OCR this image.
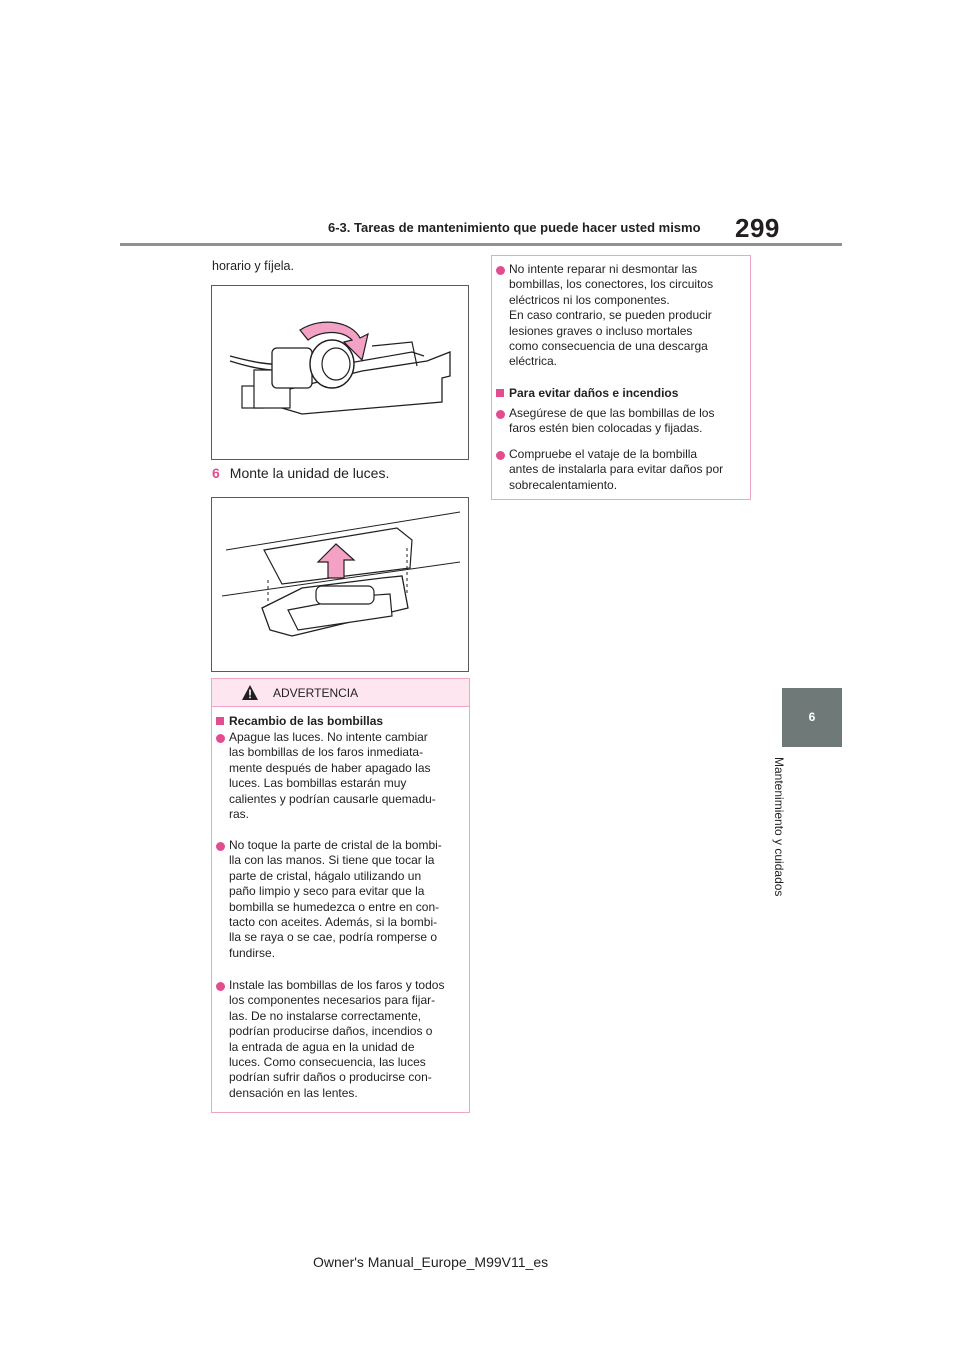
6-3. Tareas de mantenimiento que puede hacer usted mismo 299
6
Mantenimiento y cuidados
horario y fíjela.
6 Monte la unidad de luces.
ADVERTENCIA
Recambio de las bombillas
Apague las luces. No intente cambiar
las bombillas de los faros inmediata-
mente después de haber apagado las
luces. Las bombillas estarán muy
calientes y podrían causarle quemadu-
ras.
No toque la parte de cristal de la bombi-
lla con las manos. Si tiene que tocar la
parte de cristal, hágalo utilizando un
paño limpio y seco para evitar que la
bombilla se humedezca o entre en con-
tacto con aceites. Además, si la bombi-
lla se raya o se cae, podría romperse o
fundirse.
Instale las bombillas de los faros y todos
los componentes necesarios para fijar-
las. De no instalarse correctamente,
podrían producirse daños, incendios o
la entrada de agua en la unidad de
luces. Como consecuencia, las luces
podrían sufrir daños o producirse con-
densación en las lentes.
No intente reparar ni desmontar las
bombillas, los conectores, los circuitos
eléctricos ni los componentes.
En caso contrario, se pueden producir
lesiones graves o incluso mortales
como consecuencia de una descarga
eléctrica.
Para evitar daños e incendios
Asegúrese de que las bombillas de los
faros estén bien colocadas y fijadas.
Compruebe el vataje de la bombilla
antes de instalarla para evitar daños por
sobrecalentamiento.
Owner's Manual_Europe_M99V11_es
